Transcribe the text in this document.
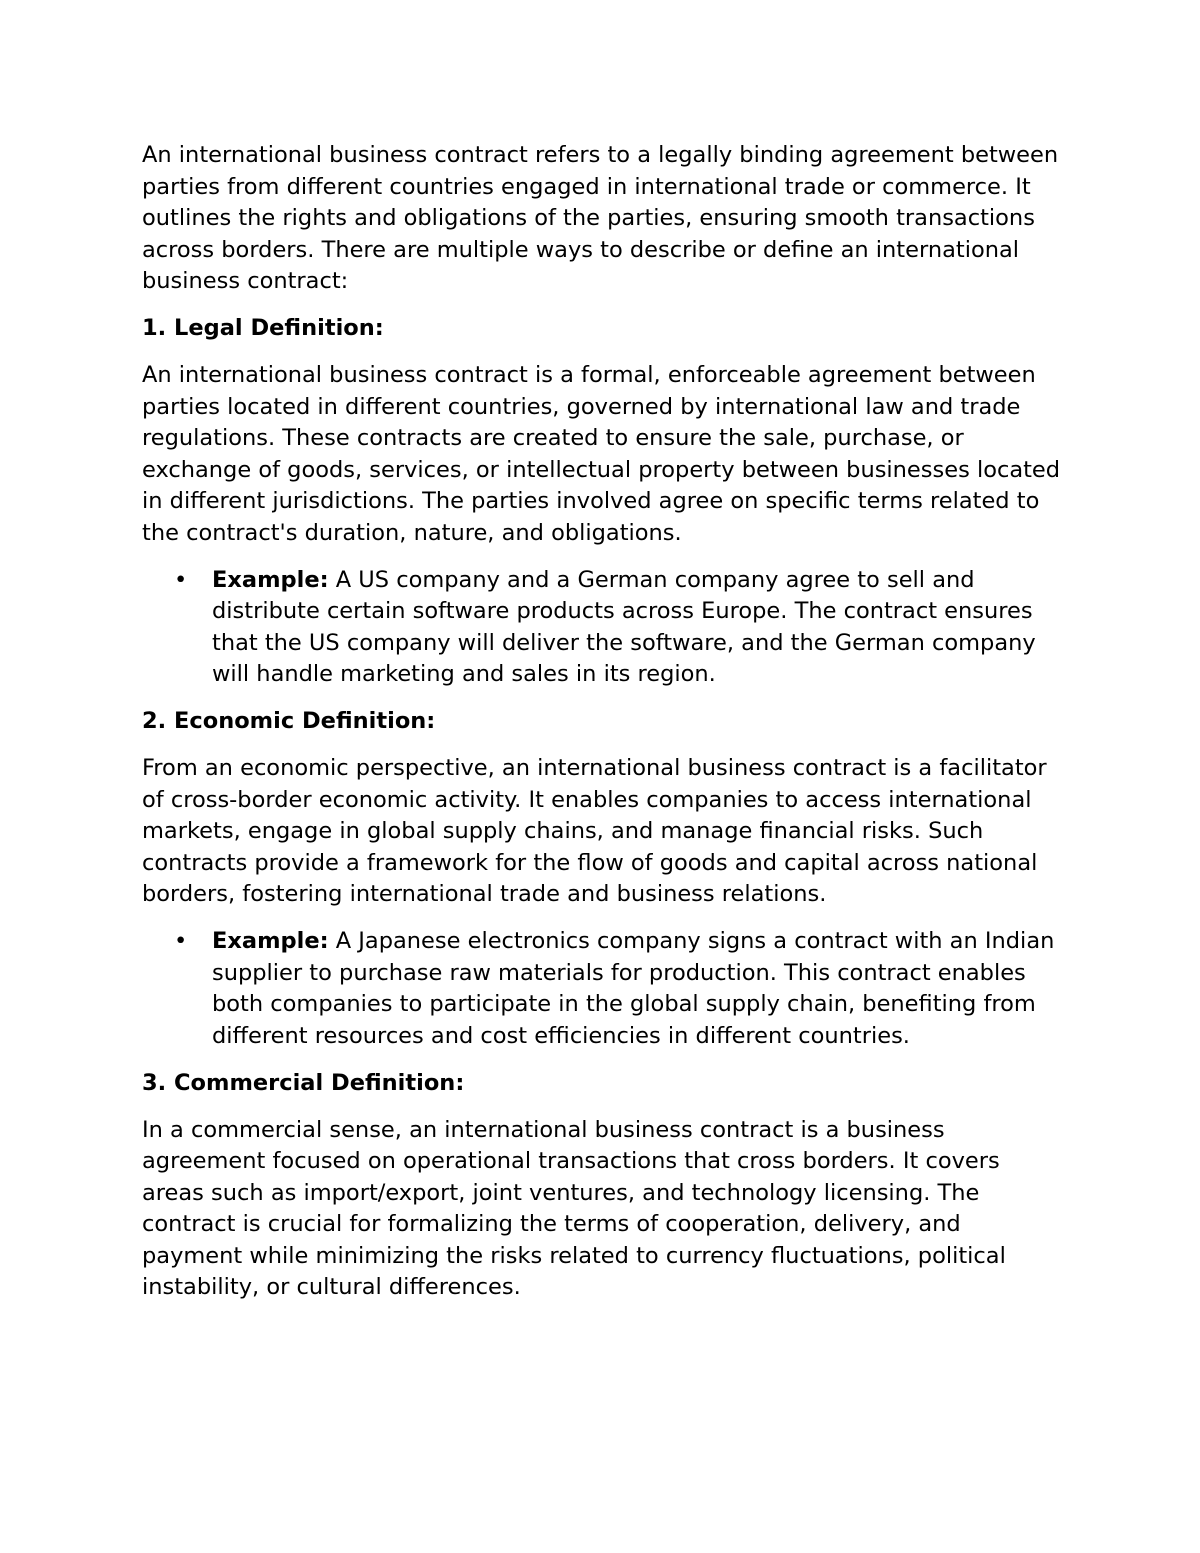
An international business contract refers to a legally binding agreement between parties from different countries engaged in international trade or commerce. It outlines the rights and obligations of the parties, ensuring smooth transactions across borders. There are multiple ways to describe or define an international business contract:

1. Legal Definition:

An international business contract is a formal, enforceable agreement between parties located in different countries, governed by international law and trade regulations. These contracts are created to ensure the sale, purchase, or exchange of goods, services, or intellectual property between businesses located in different jurisdictions. The parties involved agree on specific terms related to the contract's duration, nature, and obligations.

• Example: A US company and a German company agree to sell and distribute certain software products across Europe. The contract ensures that the US company will deliver the software, and the German company will handle marketing and sales in its region.
2. Economic Definition:

From an economic perspective, an international business contract is a facilitator of cross-border economic activity. It enables companies to access international markets, engage in global supply chains, and manage financial risks. Such contracts provide a framework for the flow of goods and capital across national borders, fostering international trade and business relations.

• Example: A Japanese electronics company signs a contract with an Indian supplier to purchase raw materials for production. This contract enables both companies to participate in the global supply chain, benefiting from different resources and cost efficiencies in different countries.
3. Commercial Definition:

In a commercial sense, an international business contract is a business agreement focused on operational transactions that cross borders. It covers areas such as import/export, joint ventures, and technology licensing. The contract is crucial for formalizing the terms of cooperation, delivery, and payment while minimizing the risks related to currency fluctuations, political instability, or cultural differences.
